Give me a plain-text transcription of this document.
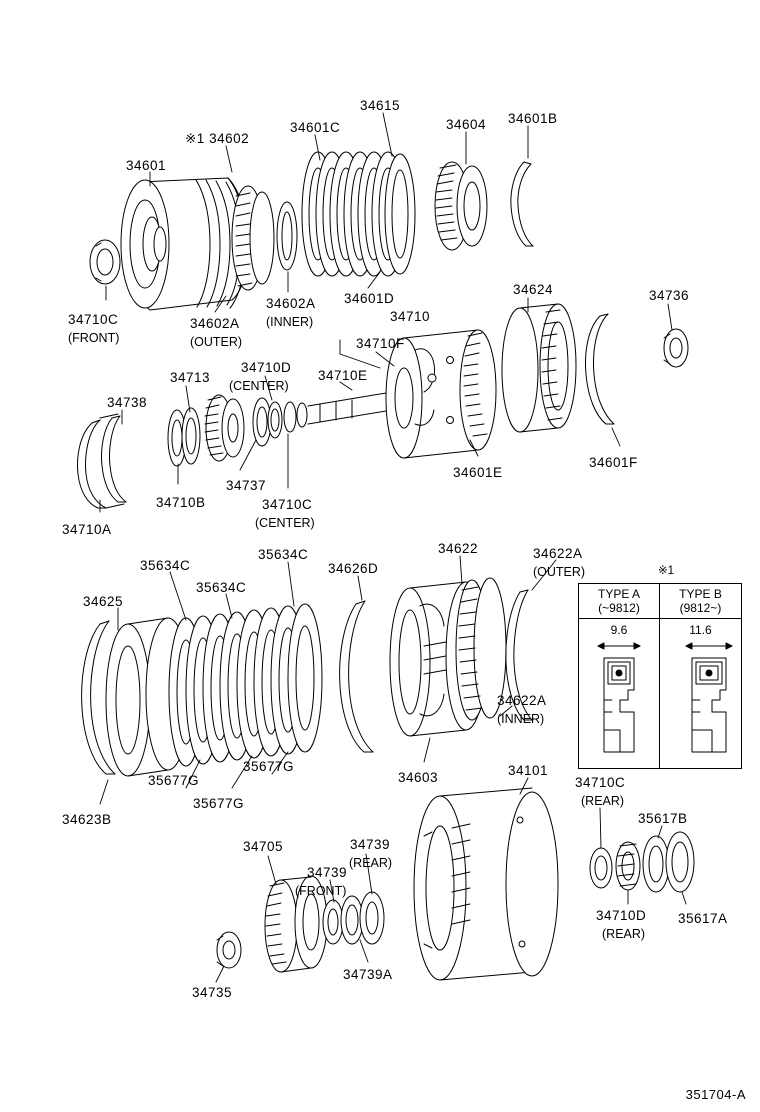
34615
34604 34601B
34601C
※1 34602
34601
34710C
(FRONT)
34602A
(OUTER)
34602A
(INNER)
34601D
34710
34710F
34710E
34624	34736
34601F
34601E
34710D
(CENTER)
34713
34738
34710B
34737
34710C
(CENTER)
34710A
34622A
(OUTER)
34622
34626D
35634C
35634C
35634C
34625
34622A
(INNER)
34603
35677G
35677G
35677G
34623B
34101
34710C
(REAR)
35617B
34710D
(REAR)
35617A
34739
(REAR)
34705
34739
(FRONT)
34739A
34735
※1
TYPE A
(~9812)
TYPE B
(9812~)
9.6	11.6
351704-A
